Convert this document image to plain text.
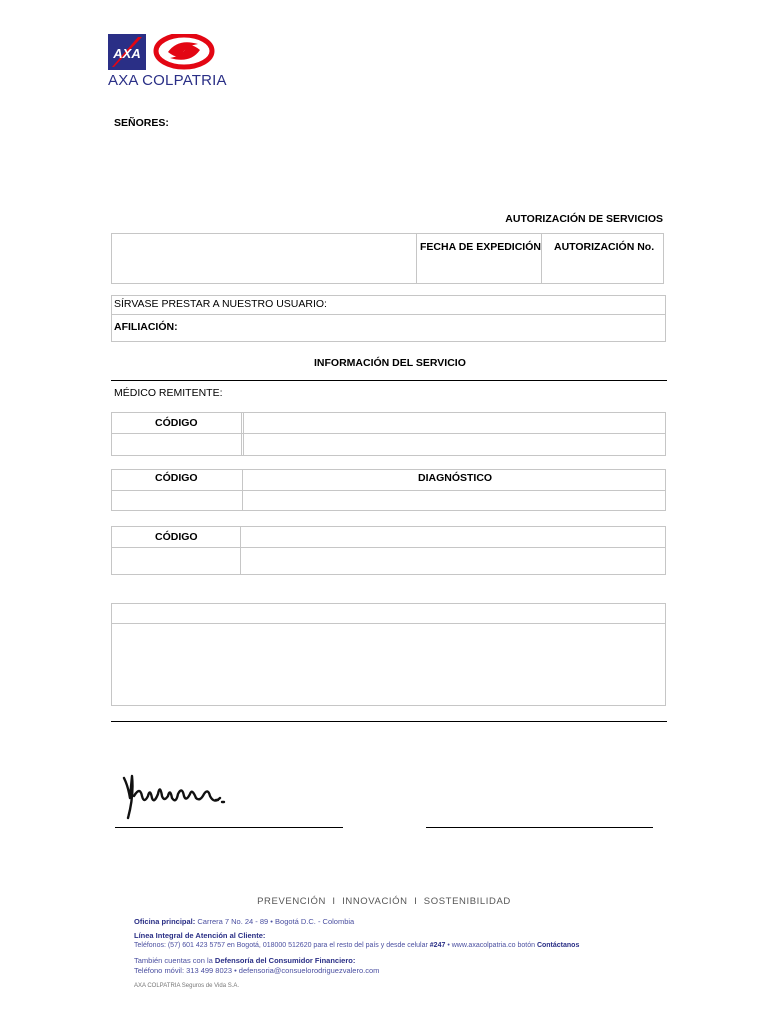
AXA
AXA COLPATRIA
SEÑORES:
AUTORIZACIÓN DE SERVICIOS
FECHA DE EXPEDICIÓN AUTORIZACIÓN No.
SÍRVASE PRESTAR A NUESTRO USUARIO:
AFILIACIÓN:
INFORMACIÓN DEL SERVICIO
MÉDICO REMITENTE:
CÓDIGO
CÓDIGO	DIAGNÓSTICO
CÓDIGO
PREVENCIÓN  I  INNOVACIÓN  I  SOSTENIBILIDAD
Oficina principal: Carrera 7 No. 24 - 89 • Bogotá D.C. - Colombia
Línea Integral de Atención al Cliente:
Teléfonos: (57) 601 423 5757 en Bogotá, 018000 512620 para el resto del país y desde celular #247 • www.axacolpatria.co botón Contáctanos
También cuentas con la Defensoría del Consumidor Financiero:
Teléfono móvil: 313 499 8023 • defensoria@consuelorodriguezvalero.com
AXA COLPATRIA Seguros de Vida S.A.
